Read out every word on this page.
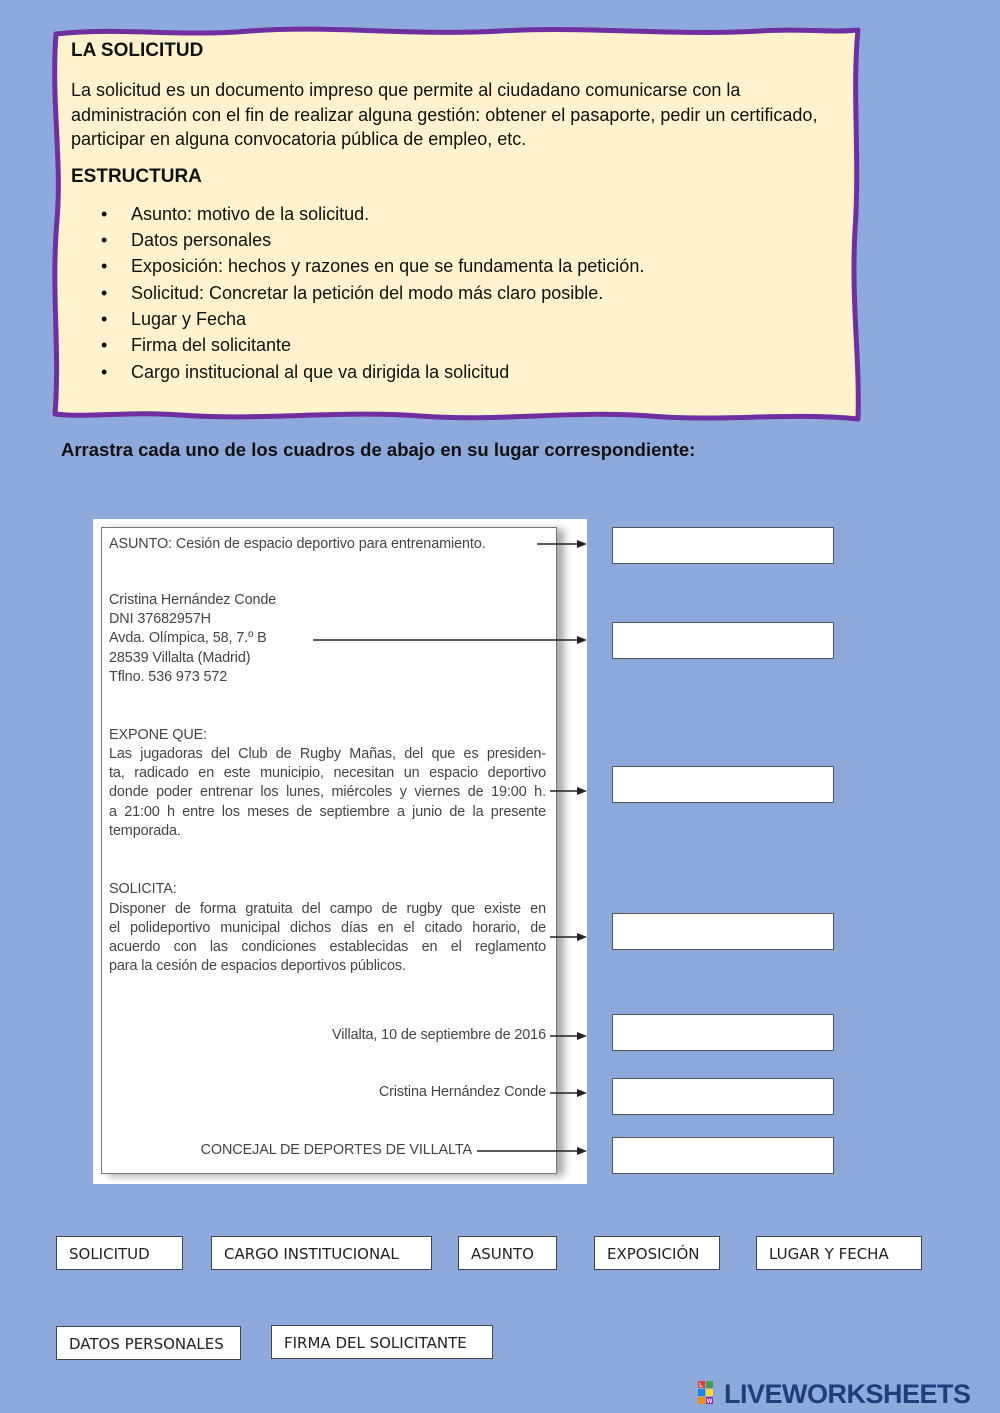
LA SOLICITUD
La solicitud es un documento impreso que permite al ciudadano comunicarse con la administración con el fin de realizar alguna gestión: obtener el pasaporte, pedir un certificado, participar en alguna convocatoria pública de empleo, etc.
ESTRUCTURA
• Asunto: motivo de la solicitud.
• Datos personales
• Exposición: hechos y razones en que se fundamenta la petición.
• Solicitud: Concretar la petición del modo más claro posible.
• Lugar y Fecha
• Firma del solicitante
• Cargo institucional al que va dirigida la solicitud
Arrastra cada uno de los cuadros de abajo en su lugar correspondiente:
ASUNTO: Cesión de espacio deportivo para entrenamiento.
Cristina Hernández Conde
DNI 37682957H
Avda. Olímpica, 58, 7.º B
28539 Villalta (Madrid)
Tflno. 536 973 572
EXPONE QUE:
Las jugadoras del Club de Rugby Mañas, del que es presiden-
ta, radicado en este municipio, necesitan un espacio deportivo
donde poder entrenar los lunes, miércoles y viernes de 19:00 h.
a 21:00 h entre los meses de septiembre a junio de la presente
temporada.
SOLICITA:
Disponer de forma gratuita del campo de rugby que existe en
el polideportivo municipal dichos días en el citado horario, de
acuerdo con las condiciones establecidas en el reglamento
para la cesión de espacios deportivos públicos.
Villalta, 10 de septiembre de 2016
Cristina Hernández Conde
CONCEJAL DE DEPORTES DE VILLALTA
SOLICITUD	CARGO INSTITUCIONAL	ASUNTO	EXPOSICIÓN	LUGAR Y FECHA
DATOS PERSONALES	FIRMA DEL SOLICITANTE
L
W LIVEWORKSHEETS
